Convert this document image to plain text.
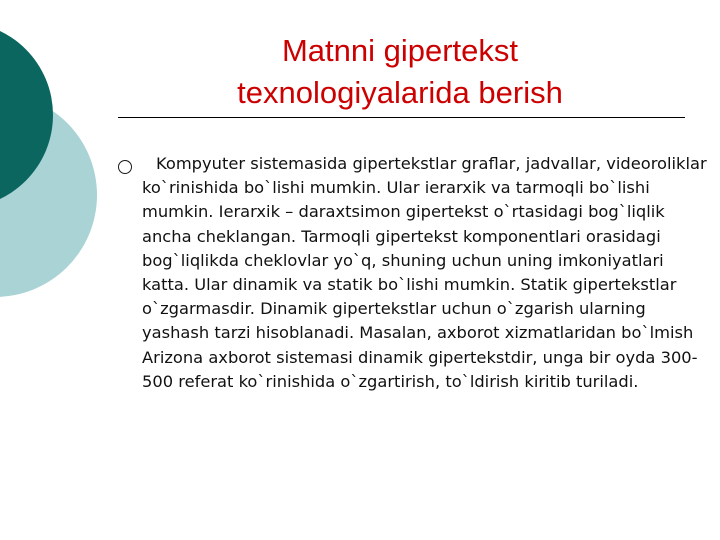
Matnni gipertekst
texnologiyalarida berish
Kompyuter sistemasida gipertekstlar graflar, jadvallar, videoroliklar ko`rinishida bo`lishi mumkin. Ular ierarxik va tarmoqli bo`lishi mumkin. Ierarxik – daraxtsimon gipertekst o`rtasidagi bog`liqlik ancha cheklangan. Tarmoqli gipertekst komponentlari orasidagi bog`liqlikda cheklovlar yo`q, shuning uchun uning imkoniyatlari katta. Ular dinamik va statik bo`lishi mumkin. Statik gipertekstlar o`zgarmasdir. Dinamik gipertekstlar uchun o`zgarish ularning yashash tarzi hisoblanadi. Masalan, axborot xizmatlaridan bo`lmish Arizona axborot sistemasi dinamik gipertekstdir, unga bir oyda 300-500 referat ko`rinishida o`zgartirish, to`ldirish kiritib turiladi.
